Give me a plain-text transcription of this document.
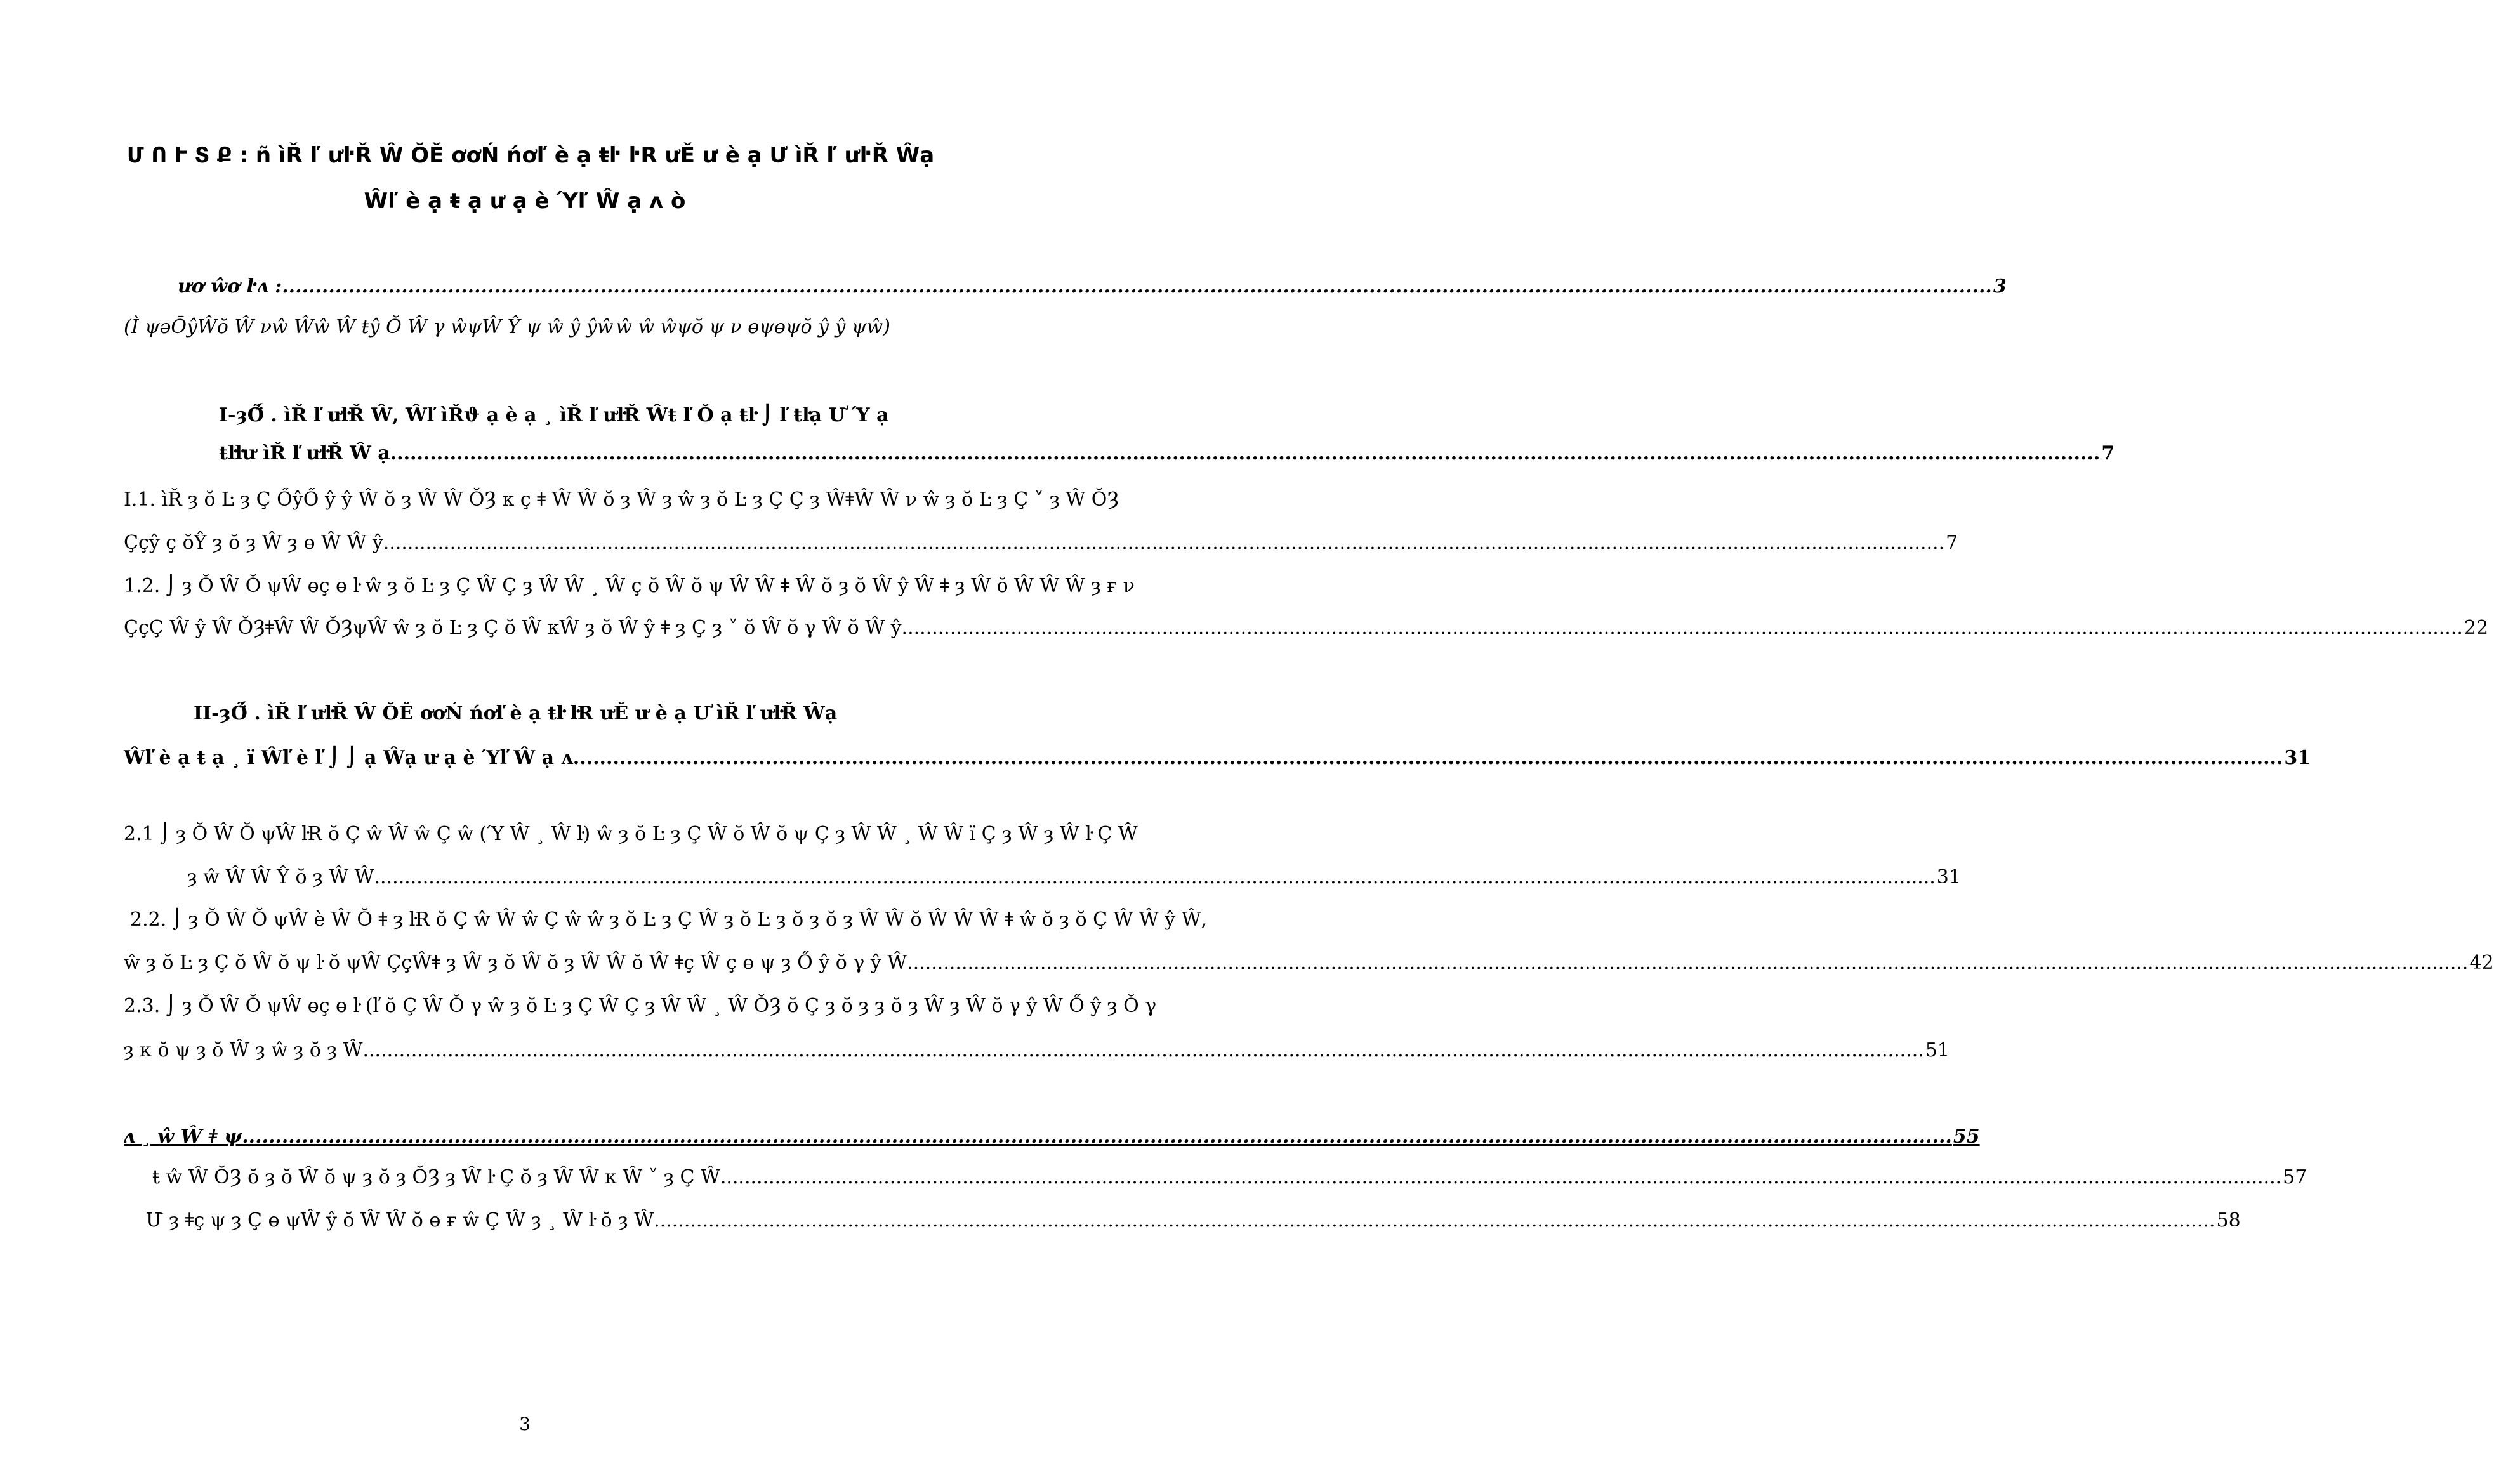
Մ Ո Ւ Տ Ք : ñ ìŘ ľ ưŀŘ Ŵ ŎĚ ơơŃ ńơľ è ạ ŧŀ ŀR ưĚ ư è ạ Ư ìŘ ľ ưŀŘ Ŵạ
Ŵľ è ạ ŧ ạ ư ạ è Ύľ Ŵ ạ ʌ ò
ươ ŵơ ŀʌ : .....	3
(Ì ψəŌŷŴŏ Ŵ νŵ Ŵŵ Ŵ ŧŷ Ŏ Ŵ γ ŵψŴ Ŷ ψ ŵ ŷ ŷŵŵ ŵ ŵψŏ ψ ν ɵψɵψŏ ŷ ŷ ψŵ)
I-ȝŐ̈́ . ìŘ ľ ưŀŘ Ŵ, Ŵľ ìŘϑ ạ è ạ ¸ ìŘ ľ ưŀŘ Ŵŧ ľ Ŏ ạ ŧŀ ⌡ ľ ŧŀạ Ư Ύ ạ
ŧŀŀư ìŘ ľ ưŀŘ Ŵ ạ .....	7
I.1. ìŘ ȝ ŏ Ŀ ȝ Ç ŐŷŐ ŷ ŷ Ŵ ŏ ȝ Ŵ Ŵ ŎȜ κ ç ǂ Ŵ Ŵ ŏ ȝ Ŵ ȝ ŵ ȝ ŏ Ŀ ȝ Ç Ç ȝ ŴǂŴ Ŵ ν ŵ ȝ ŏ Ŀ ȝ Ç ˅ ȝ Ŵ ŎȜ
Ççŷ ç ŏŶ ȝ ŏ ȝ Ŵ ȝ ɵ Ŵ Ŵ ŷ .....	7
1.2. ⌡ ȝ Ŏ Ŵ Ŏ ψŴ ɵç ɵ ŀ ŵ ȝ ŏ Ŀ ȝ Ç Ŵ Ç ȝ Ŵ Ŵ ¸ Ŵ ç ŏ Ŵ ŏ ψ Ŵ Ŵ ǂ Ŵ ŏ ȝ ŏ Ŵ ŷ Ŵ ǂ ȝ Ŵ ŏ Ŵ Ŵ Ŵ ȝ ғ ν
ÇçÇ Ŵ ŷ Ŵ ŎȜǂŴ Ŵ ŎȜψŴ ŵ ȝ ŏ Ŀ ȝ Ç ŏ Ŵ κŴ ȝ ŏ Ŵ ŷ ǂ ȝ Ç ȝ ˅ ŏ Ŵ ŏ γ Ŵ ŏ Ŵ ŷ .....	22
II-ȝŐ̈́ . ìŘ ľ ưŀŘ Ŵ ŎĚ ơơŃ ńơľ è ạ ŧŀ ŀR ưĚ ư è ạ Ư ìŘ ľ ưŀŘ Ŵạ
Ŵľ è ạ ŧ ạ ¸ ï Ŵľ è ľ ⌡ ⌡ ạ Ŵạ ư ạ è Ύľ Ŵ ạ ʌ .....	31
2.1 ⌡ ȝ Ŏ Ŵ Ŏ ψŴ ŀR ŏ Ç ŵ Ŵ ŵ Ç ŵ (Ύ Ŵ ¸ Ŵ ŀ) ŵ ȝ ŏ Ŀ ȝ Ç Ŵ ŏ Ŵ ŏ ψ Ç ȝ Ŵ Ŵ ¸ Ŵ Ŵ ï Ç ȝ Ŵ ȝ Ŵ ŀ Ç Ŵ
ȝ ŵ Ŵ Ŵ Ŷ ŏ ȝ Ŵ Ŵ .....	31
2.2. ⌡ ȝ Ŏ Ŵ Ŏ ψŴ è Ŵ Ŏ ǂ ȝ ŀR ŏ Ç ŵ Ŵ ŵ Ç ŵ ŵ ȝ ŏ Ŀ ȝ Ç Ŵ ȝ ŏ Ŀ ȝ ŏ ȝ ŏ ȝ Ŵ Ŵ ŏ Ŵ Ŵ Ŵ ǂ ŵ ŏ ȝ ŏ Ç Ŵ Ŵ ŷ Ŵ,
ŵ ȝ ŏ Ŀ ȝ Ç ŏ Ŵ ŏ ψ ŀ ŏ ψŴ ÇçŴǂ ȝ Ŵ ȝ ŏ Ŵ ŏ ȝ Ŵ Ŵ ŏ Ŵ ǂç Ŵ ç ɵ ψ ȝ Ő ŷ ŏ γ ŷ Ŵ .....	42
2.3. ⌡ ȝ Ŏ Ŵ Ŏ ψŴ ɵç ɵ ŀ (ľ ŏ Ç Ŵ Ŏ γ ŵ ȝ ŏ Ŀ ȝ Ç Ŵ Ç ȝ Ŵ Ŵ ¸ Ŵ ŎȜ ŏ Ç ȝ ŏ ȝ ȝ ŏ ȝ Ŵ ȝ Ŵ ŏ γ ŷ Ŵ Ő ŷ ȝ Ŏ γ
ȝ κ ŏ ψ ȝ ŏ Ŵ ȝ ŵ ȝ ŏ ȝ Ŵ .....	51
ʌ ¸ ŵ Ŵ ǂ ψ .....	55
ŧ ŵ Ŵ ŎȜ ŏ ȝ ŏ Ŵ ŏ ψ ȝ ŏ ȝ ŎȜ ȝ Ŵ ŀ Ç ŏ ȝ Ŵ Ŵ κ Ŵ ˅ ȝ Ç Ŵ .....	57
Մ ȝ ǂç ψ ȝ Ç ɵ ψŴ ŷ ŏ Ŵ Ŵ ŏ ɵ ғ ŵ Ç Ŵ ȝ ¸ Ŵ ŀ ŏ ȝ Ŵ .....	58
3
